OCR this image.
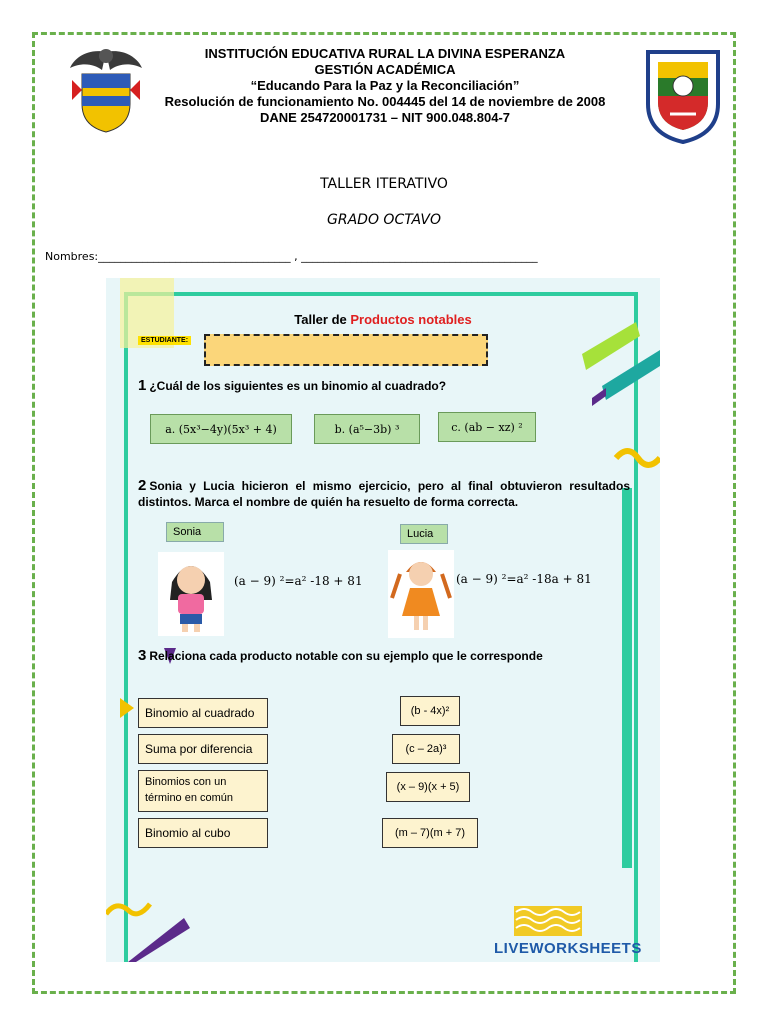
INSTITUCIÓN EDUCATIVA RURAL LA DIVINA ESPERANZA
GESTIÓN ACADÉMICA
“Educando Para la Paz y la Reconciliación”
Resolución de funcionamiento No. 004445 del 14 de noviembre de 2008
DANE 254720001731 – NIT 900.048.804-7
TALLER ITERATIVO
GRADO OCTAVO
Nombres:___________________________________ , ___________________________________________
Taller de Productos notables
ESTUDIANTE:
1 ¿Cuál de los siguientes es un binomio al cuadrado?
a. (5x³−4y)(5x³ + 4)	b. (a⁵−3b) ³	c. (ab − xz) ²
2 Sonia y Lucia hicieron el mismo ejercicio, pero al final obtuvieron resultados distintos. Marca el nombre de quién ha resuelto de forma correcta.
Sonia	Lucia
(a − 9) ²=a² -18 + 81	(a − 9) ²=a² -18a + 81
3 Relaciona cada producto notable con su ejemplo que le corresponde
Binomio al cuadrado
Suma por diferencia
Binomios con un término en común
Binomio al cubo
(b - 4x)²
(c – 2a)³
(x – 9)(x + 5)
(m – 7)(m + 7)
LIVEWORKSHEETS
